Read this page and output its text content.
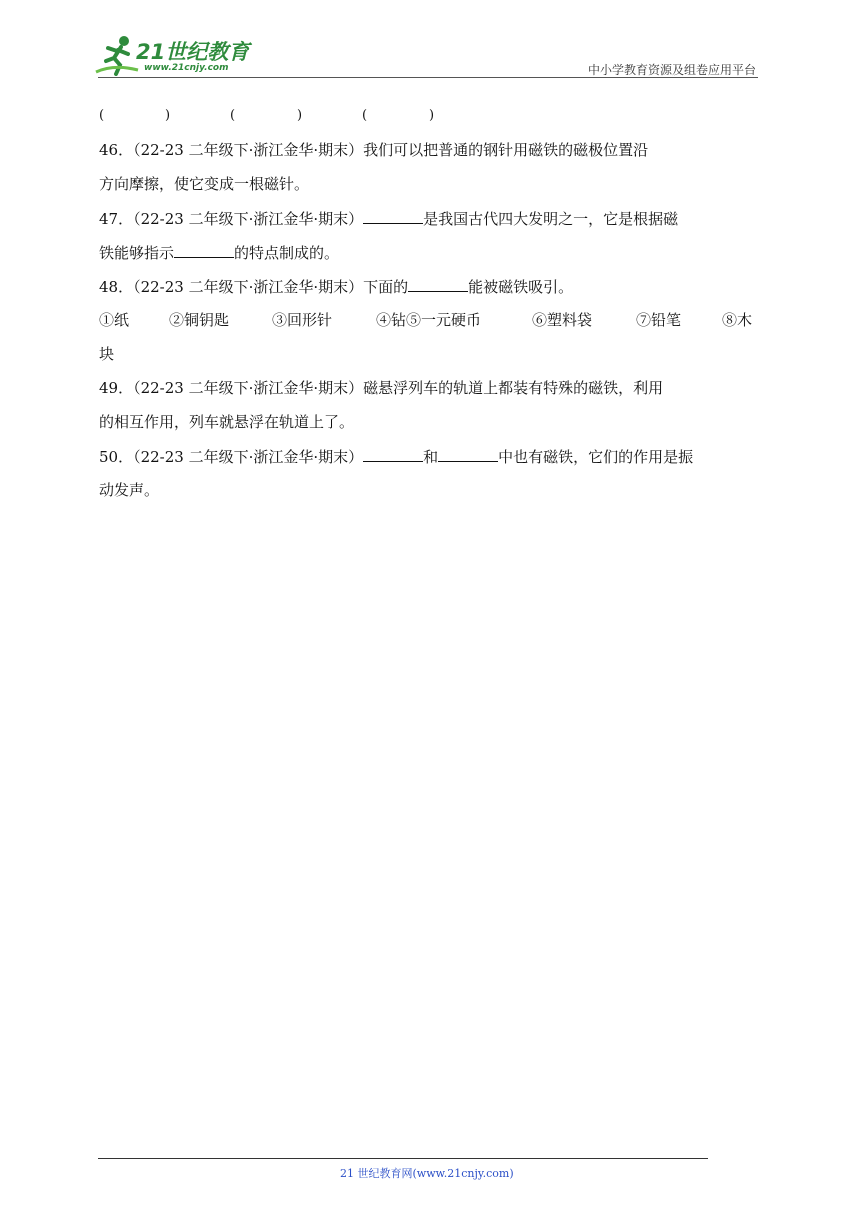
21世纪教育
www.21cnjy.com	中小学教育资源及组卷应用平台
(	)	(	)	(	)
46．（22-23 二年级下·浙江金华·期末）我们可以把普通的钢针用磁铁的磁极位置沿
方向摩擦，使它变成一根磁针。
47．（22-23 二年级下·浙江金华·期末）	是我国古代四大发明之一，它是根据磁
铁能够指示	的特点制成的。
48．（22-23 二年级下·浙江金华·期末）下面的	能被磁铁吸引。
①纸	②铜钥匙	③回形针	④钻⑤一元硬币	⑥塑料袋	⑦铅笔	⑧木
块
49．（22-23 二年级下·浙江金华·期末）磁悬浮列车的轨道上都装有特殊的磁铁，利用
的相互作用，列车就悬浮在轨道上了。
50．（22-23 二年级下·浙江金华·期末）	和	中也有磁铁，它们的作用是振
动发声。
21 世纪教育网(www.21cnjy.com)
